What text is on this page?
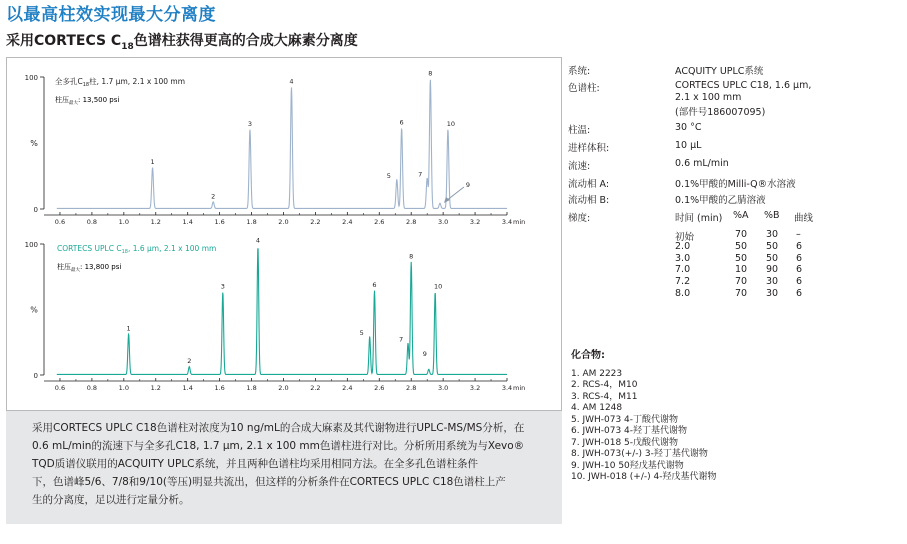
以最高柱效实现最大分离度
采用CORTECS $C_{18}$色谱柱获得更高的合成大麻素分离度
100
0
%
0.6	0.8	1.0	1.2	1.4	1.6	1.8	2.0	2.2	2.4	2.6	2.8	3.0	3.2	3.4 min
1
2
3
4
5
6
7
8
9
10
全多孔$C_{18}$柱, 1.7 µm, 2.1 x 100 mm
柱压$_{最大}$: 13,500 psi
100
0
%
0.6	0.8	1.0	1.2	1.4	1.6	1.8	2.0	2.2	2.4	2.6	2.8	3.0	3.2	3.4 min
1
2
3
4
5
6
7
8
9
10
CORTECS UPLC $C_{18}$, 1.6 µm, 2.1 x 100 mm
柱压$_{最大}$: 13,800 psi
采用CORTECS UPLC C18色谱柱对浓度为10 ng/mL的合成大麻素及其代谢物进行UPLC-MS/MS分析，在
0.6 mL/min的流速下与全多孔C18, 1.7 µm, 2.1 x 100 mm色谱柱进行对比。分析所用系统为与Xevo®
TQD质谱仪联用的ACQUITY UPLC系统，并且两种色谱柱均采用相同方法。在全多孔色谱柱条件
下，色谱峰5/6、7/8和9/10(等压)明显共流出，但这样的分析条件在CORTECS UPLC C18色谱柱上产
生的分离度，足以进行定量分析。
系统:	ACQUITY UPLC系统
色谱柱:	CORTECS UPLC C18, 1.6 µm,
2.1 x 100 mm
(部件号186007095)
柱温:	30 °C
进样体积:	10 µL
流速:	0.6 mL/min
流动相 A:	0.1%甲酸的Milli-Q®水溶液
流动相 B:	0.1%甲酸的乙腈溶液
梯度:	时间 (min) %A %B 曲线
初始	70 30 –
2.0	50 50 6
3.0	50 50 6
7.0	10 90 6
7.2	70 30 6
8.0	70 30 6
化合物:
1. AM 2223
2. RCS-4，M10
3. RCS-4，M11
4. AM 1248
5. JWH-073 4-丁酸代谢物
6. JWH-073 4-羟丁基代谢物
7. JWH-018 5-戊酸代谢物
8. JWH-073(+/-) 3-羟丁基代谢物
9. JWH-10 50羟戊基代谢物
10. JWH-018 (+/-) 4-羟戊基代谢物
